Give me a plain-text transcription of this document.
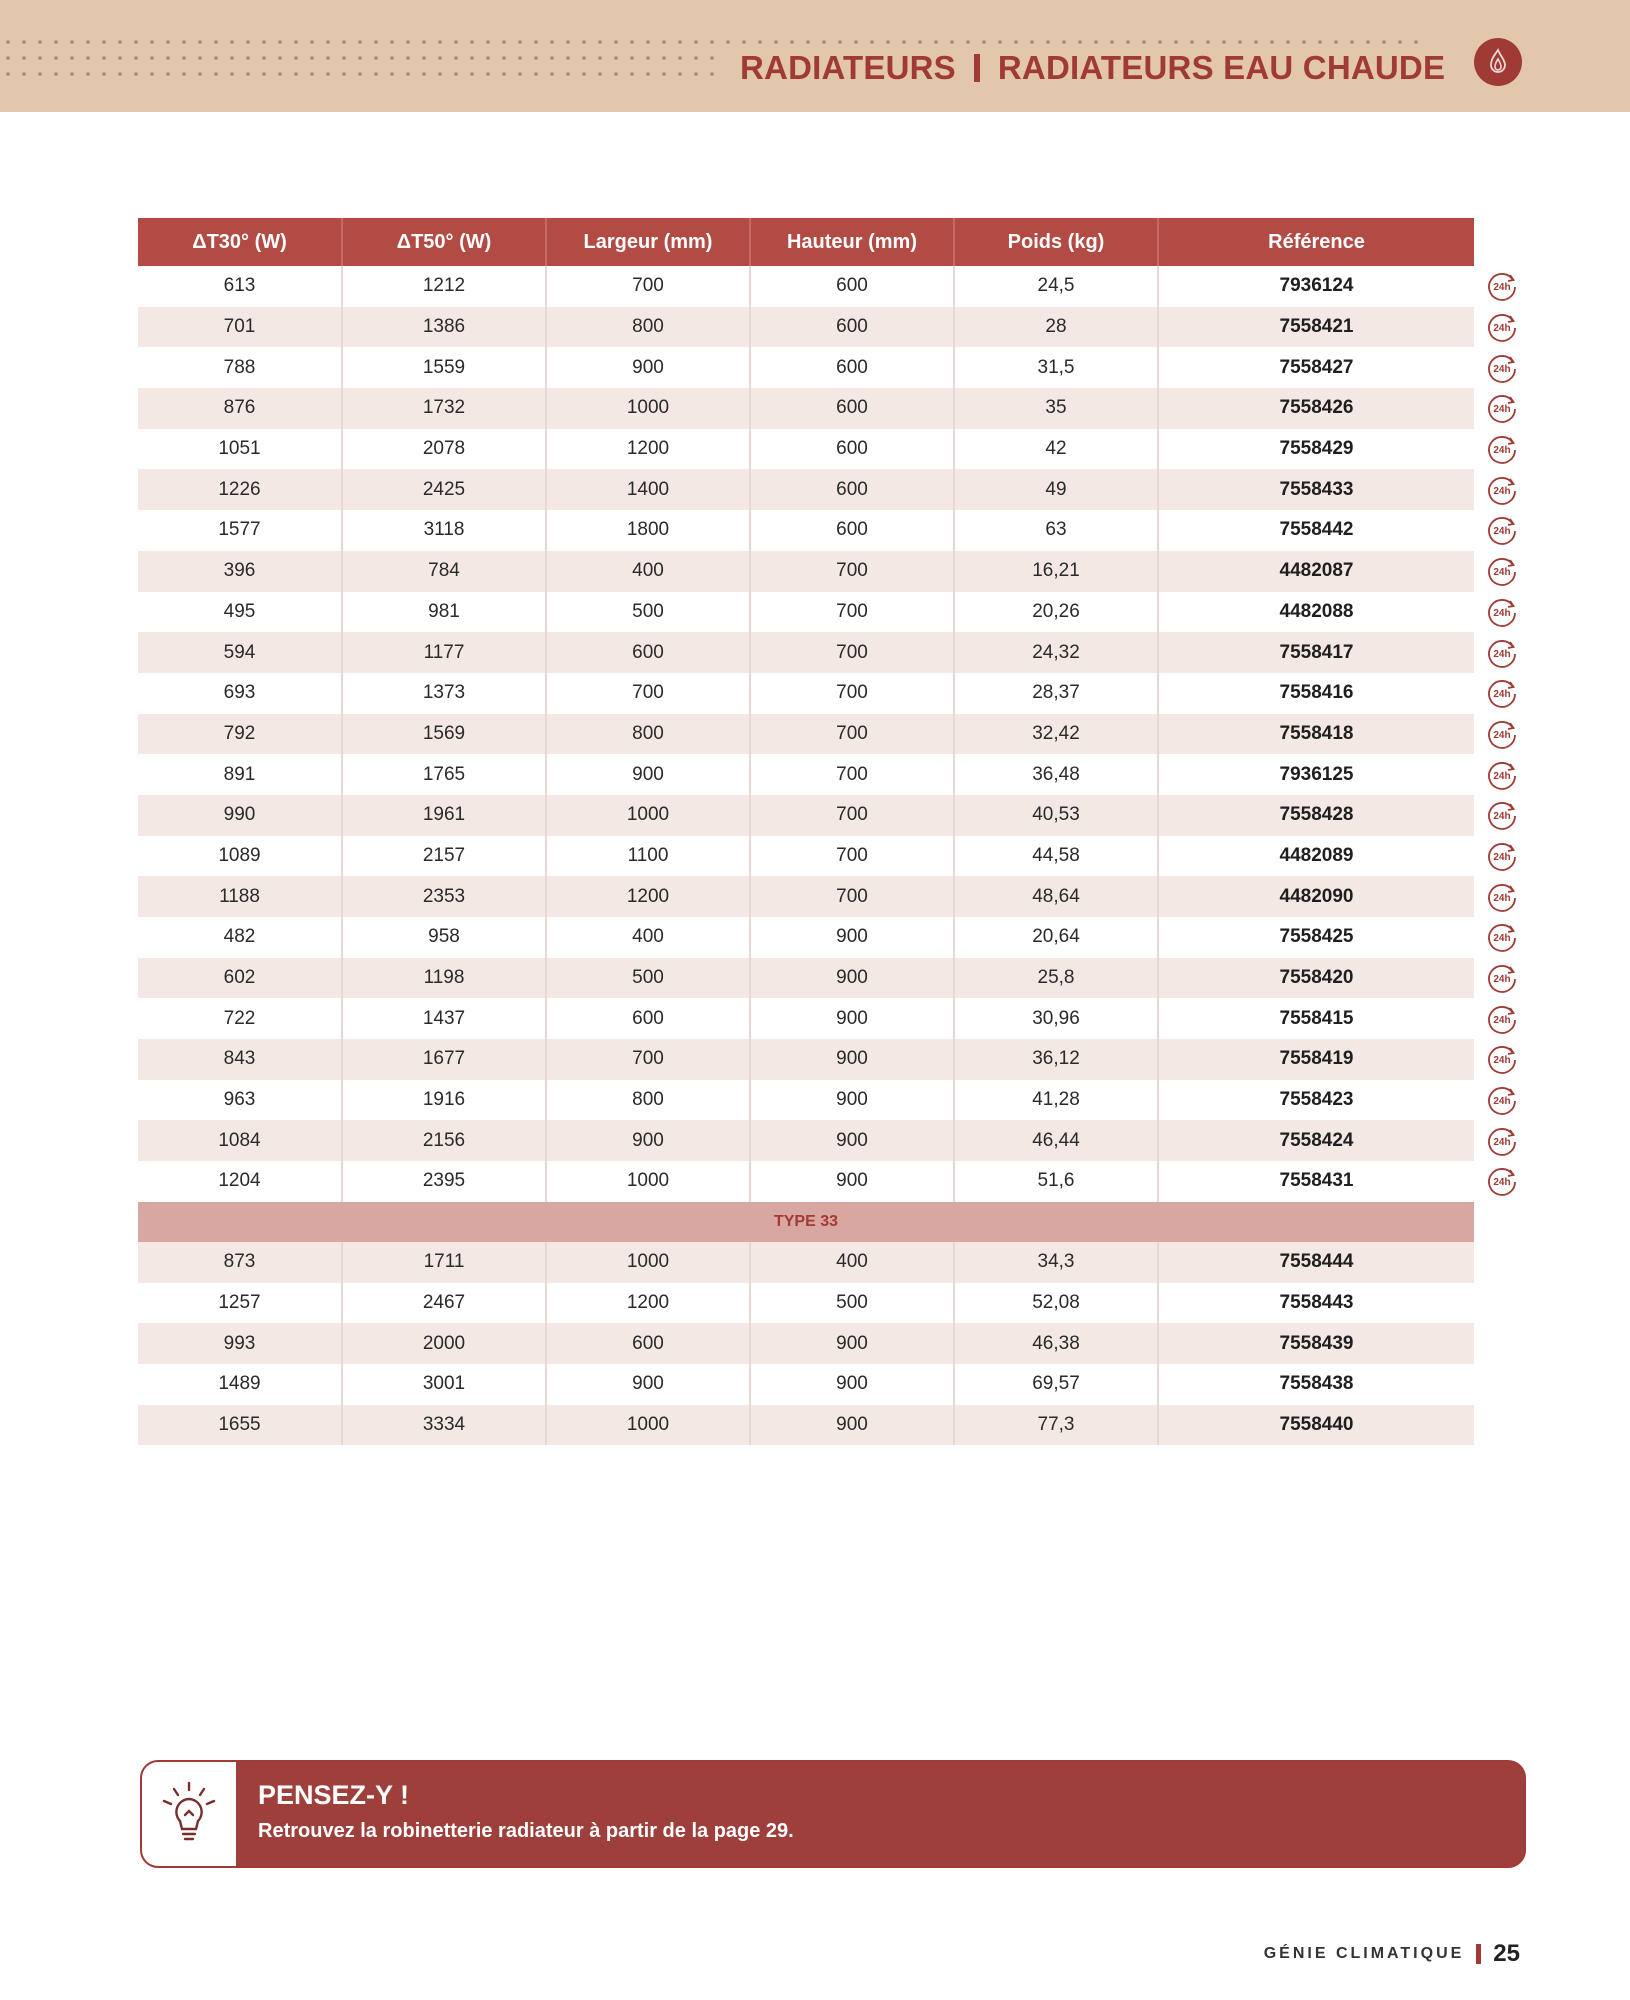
RADIATEURS RADIATEURS EAU CHAUDE
ΔT30° (W)	ΔT50° (W)	Largeur (mm)	Hauteur (mm)	Poids (kg)	Référence
613	1212	700	600	24,5	7936124 24h

701	1386	800	600	28	7558421 24h

788	1559	900	600	31,5	7558427 24h

876	1732	1000	600	35	7558426 24h

1051	2078	1200	600	42	7558429 24h

1226	2425	1400	600	49	7558433 24h

1577	3118	1800	600	63	7558442 24h

396	784	400	700	16,21	4482087 24h

495	981	500	700	20,26	4482088 24h

594	1177	600	700	24,32	7558417 24h

693	1373	700	700	28,37	7558416 24h

792	1569	800	700	32,42	7558418 24h

891	1765	900	700	36,48	7936125 24h

990	1961	1000	700	40,53	7558428 24h

1089	2157	1100	700	44,58	4482089 24h

1188	2353	1200	700	48,64	4482090 24h

482	958	400	900	20,64	7558425 24h

602	1198	500	900	25,8	7558420 24h

722	1437	600	900	30,96	7558415 24h

843	1677	700	900	36,12	7558419 24h

963	1916	800	900	41,28	7558423 24h

1084	2156	900	900	46,44	7558424 24h

1204	2395	1000	900	51,6	7558431 24h

TYPE 33					
873	1711	1000	400	34,3	7558444
1257	2467	1200	500	52,08	7558443
993	2000	600	900	46,38	7558439
1489	3001	900	900	69,57	7558438
1655	3334	1000	900	77,3	7558440
PENSEZ-Y !
Retrouvez la robinetterie radiateur à partir de la page 29.
GÉNIE CLIMATIQUE 25
